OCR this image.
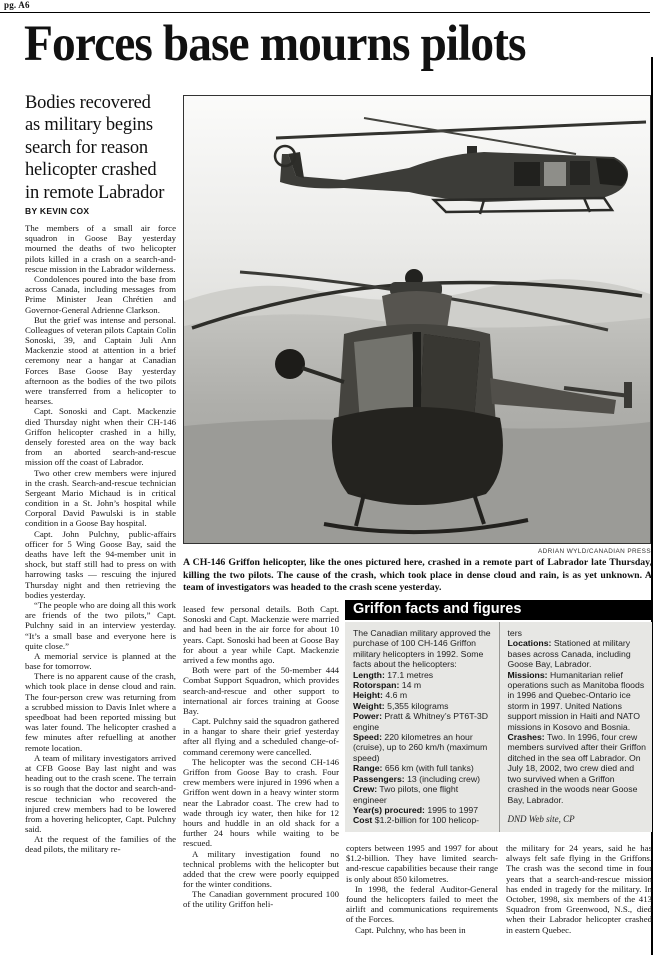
pg. A6
Forces base mourns pilots
Bodies recovered
as military begins
search for reason
helicopter crashed
in remote Labrador
BY KEVIN COX

The members of a small air force squadron in Goose Bay yesterday mourned the deaths of two helicopter pilots killed in a crash on a search-and-rescue mission in the Labrador wilderness.

Condolences poured into the base from across Canada, including messages from Prime Minister Jean Chrétien and Governor-General Adrienne Clarkson.

But the grief was intense and personal. Colleagues of veteran pilots Captain Colin Sonoski, 39, and Captain Juli Ann Mackenzie stood at attention in a brief ceremony near a hangar at Canadian Forces Base Goose Bay yesterday afternoon as the bodies of the two pilots were transferred from a helicopter to hearses.

Capt. Sonoski and Capt. Mackenzie died Thursday night when their CH-146 Griffon helicopter crashed in a hilly, densely forested area on the way back from an aborted search-and-rescue mission off the coast of Labrador.

Two other crew members were injured in the crash. Search-and-rescue technician Sergeant Mario Michaud is in critical condition in a St. John’s hospital while Corporal David Pawulski is in stable condition in a Goose Bay hospital.

Capt. John Pulchny, public-affairs officer for 5 Wing Goose Bay, said the deaths have left the 94-member unit in shock, but staff still had to press on with harrowing tasks — rescuing the injured Thursday night and then retrieving the bodies yesterday.

“The people who are doing all this work are friends of the two pilots,” Capt. Pulchny said in an interview yesterday. “It’s a small base and everyone here is quite close.”

A memorial service is planned at the base for tomorrow.

There is no apparent cause of the crash, which took place in dense cloud and rain. The four-person crew was returning from a scrubbed mission to Davis Inlet where a speedboat had been reported missing but was later found. The helicopter crashed a few minutes after refuelling at another remote location.

A team of military investigators arrived at CFB Goose Bay last night and was heading out to the crash scene. The terrain is so rough that the doctor and search-and-rescue technician who recovered the injured crew members had to be lowered from a hovering helicopter, Capt. Pulchny said.

At the request of the families of the dead pilots, the military re-

ADRIAN WYLD/CANADIAN PRESS

A CH-146 Griffon helicopter, like the ones pictured here, crashed in a remote part of Labrador late Thursday, killing the two pilots. The cause of the crash, which took place in dense cloud and rain, is as yet unknown. A team of investigators was headed to the crash scene yesterday.

Griffon facts and figures
The Canadian military approved the purchase of 100 CH-146 Griffon military helicopters in 1992. Some facts about the helicopters:
Length: 17.1 metres
Rotorspan: 14 m
Height: 4.6 m
Weight: 5,355 kilograms
Power: Pratt & Whitney’s PT6T-3D engine
Speed: 220 kilometres an hour (cruise), up to 260 km/h (maximum speed)
Range: 656 km (with full tanks)
Passengers: 13 (including crew)
Crew: Two pilots, one flight engineer
Year(s) procured: 1995 to 1997
Cost $1.2-billion for 100 helicop-
ters
Locations: Stationed at military bases across Canada, including Goose Bay, Labrador.
Missions: Humanitarian relief operations such as Manitoba floods in 1996 and Quebec-Ontario ice storm in 1997. United Nations support mission in Haiti and NATO missions in Kosovo and Bosnia.
Crashes: Two. In 1996, four crew members survived after their Griffon ditched in the sea off Labrador. On July 18, 2002, two crew died and two survived when a Griffon crashed in the woods near Goose Bay, Labrador.
DND Web site, CP

copters between 1995 and 1997 for about $1.2-billion. They have limited search-and-rescue capabilities because their range is only about 850 kilometres.

In 1998, the federal Auditor-General found the helicopters failed to meet the airlift and communications requirements of the Forces.

Capt. Pulchny, who has been in

the military for 24 years, said he has always felt safe flying in the Griffons. The crash was the second time in four years that a search-and-rescue mission has ended in tragedy for the military. In October, 1998, six members of the 413 Squadron from Greenwood, N.S., died when their Labrador helicopter crashed in eastern Quebec.

leased few personal details. Both Capt. Sonoski and Capt. Mackenzie were married and had been in the air force for about 10 years. Capt. Sonoski had been at Goose Bay for about a year while Capt. Mackenzie arrived a few months ago.

Both were part of the 50-member 444 Combat Support Squadron, which provides search-and-rescue and other support to international air forces training at Goose Bay.

Capt. Pulchny said the squadron gathered in a hangar to share their grief yesterday after all flying and a scheduled change-of-command ceremony were cancelled.

The helicopter was the second CH-146 Griffon from Goose Bay to crash. Four crew members were injured in 1996 when a Griffon went down in a heavy winter storm near the Labrador coast. The crew had to wade through icy water, then hike for 12 hours and huddle in an old shack for a further 24 hours while waiting to be rescued.

A military investigation found no technical problems with the helicopter but added that the crew were poorly equipped for the winter conditions.

The Canadian government procured 100 of the utility Griffon heli-
